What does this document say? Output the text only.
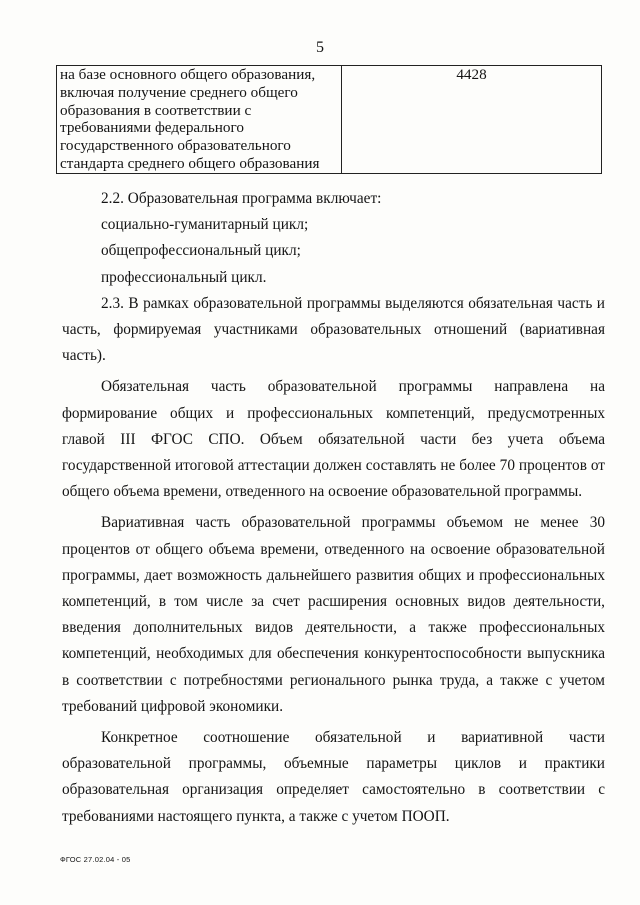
5
на базе основного общего образования,
включая получение среднего общего
образования в соответствии с
требованиями федерального
государственного образовательного
стандарта среднего общего образования
	4428

2.2. Образовательная программа включает:

социально-гуманитарный цикл;

общепрофессиональный цикл;

профессиональный цикл.

2.3. В рамках образовательной программы выделяются обязательная часть и часть, формируемая участниками образовательных отношений (вариативная часть).

Обязательная часть образовательной программы направлена на формирование общих и профессиональных компетенций, предусмотренных главой III ФГОС СПО. Объем обязательной части без учета объема государственной итоговой аттестации должен составлять не более 70 процентов от общего объема времени, отведенного на освоение образовательной программы.

Вариативная часть образовательной программы объемом не менее 30 процентов от общего объема времени, отведенного на освоение образовательной программы, дает возможность дальнейшего развития общих и профессиональных компетенций, в том числе за счет расширения основных видов деятельности, введения дополнительных видов деятельности, а также профессиональных компетенций, необходимых для обеспечения конкурентоспособности выпускника в соответствии с потребностями регионального рынка труда, а также с учетом требований цифровой экономики.

Конкретное соотношение обязательной и вариативной части образовательной программы, объемные параметры циклов и практики образовательная организация определяет самостоятельно в соответствии с требованиями настоящего пункта, а также с учетом ПООП.

ФГОС 27.02.04 - 05
